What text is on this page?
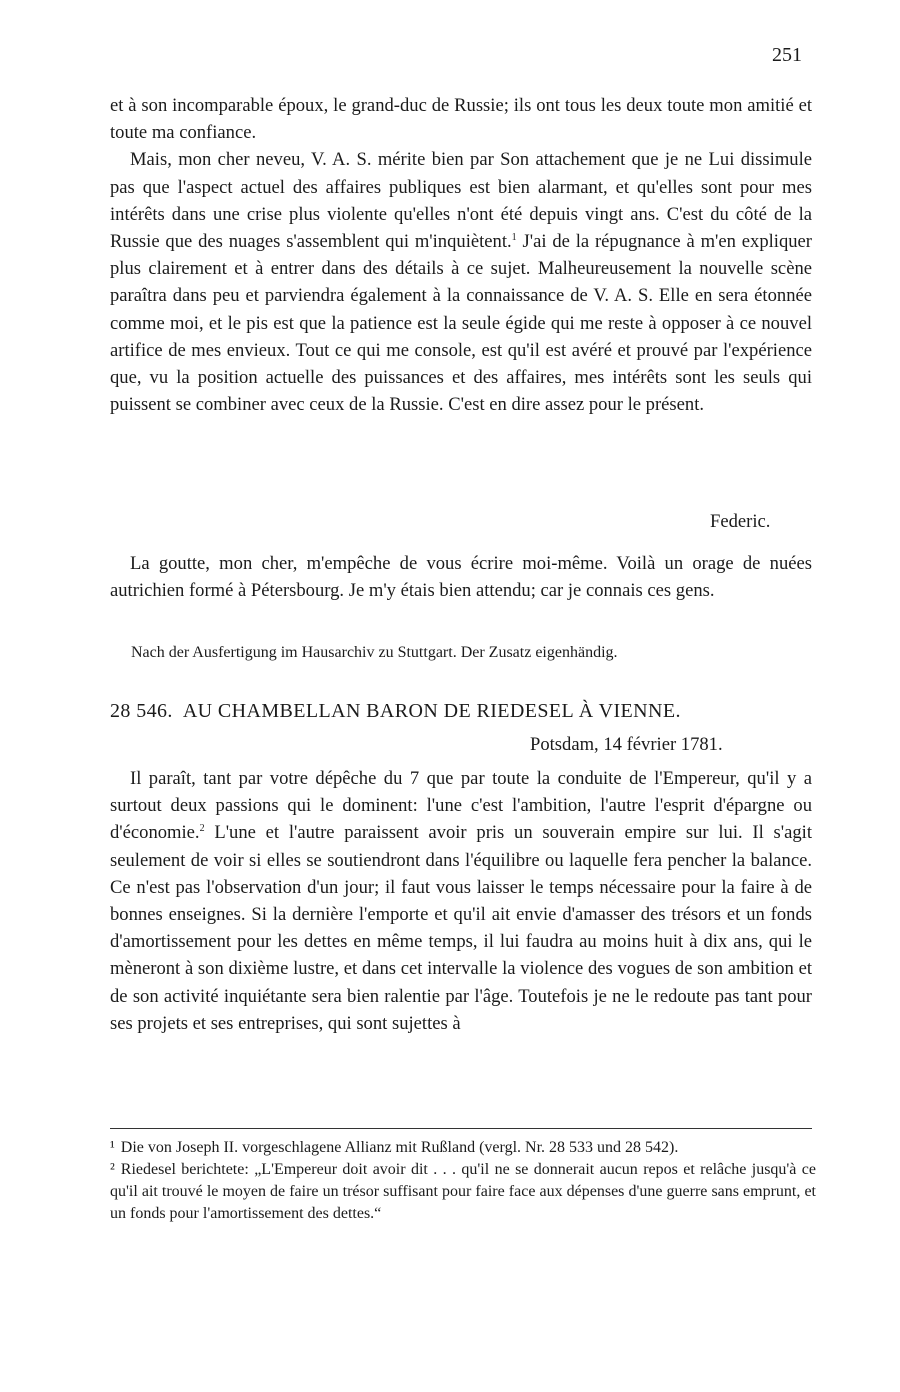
251

et à son incomparable époux, le grand-duc de Russie; ils ont tous les deux toute mon amitié et toute ma confiance.

Mais, mon cher neveu, V. A. S. mérite bien par Son attachement que je ne Lui dissimule pas que l'aspect actuel des affaires publiques est bien alarmant, et qu'elles sont pour mes intérêts dans une crise plus violente qu'elles n'ont été depuis vingt ans. C'est du côté de la Russie que des nuages s'assemblent qui m'inquiètent.$^1$ J'ai de la répugnance à m'en expliquer plus clairement et à entrer dans des détails à ce sujet. Malheureusement la nouvelle scène paraîtra dans peu et parviendra également à la connaissance de V. A. S. Elle en sera étonnée comme moi, et le pis est que la patience est la seule égide qui me reste à opposer à ce nouvel artifice de mes envieux. Tout ce qui me console, est qu'il est avéré et prouvé par l'expérience que, vu la position actuelle des puissances et des affaires, mes intérêts sont les seuls qui puissent se combiner avec ceux de la Russie. C'est en dire assez pour le présent.

Federic.

La goutte, mon cher, m'empêche de vous écrire moi-même. Voilà un orage de nuées autrichien formé à Pétersbourg. Je m'y étais bien attendu; car je connais ces gens.

Nach der Ausfertigung im Hausarchiv zu Stuttgart. Der Zusatz eigenhändig.
28 546. AU CHAMBELLAN BARON DE RIEDESEL À VIENNE.
Potsdam, 14 février 1781.

Il paraît, tant par votre dépêche du 7 que par toute la conduite de l'Empereur, qu'il y a surtout deux passions qui le dominent: l'une c'est l'ambition, l'autre l'esprit d'épargne ou d'économie.$^2$ L'une et l'autre paraissent avoir pris un souverain empire sur lui. Il s'agit seulement de voir si elles se soutiendront dans l'équilibre ou laquelle fera pencher la balance. Ce n'est pas l'observation d'un jour; il faut vous laisser le temps nécessaire pour la faire à de bonnes enseignes. Si la dernière l'emporte et qu'il ait envie d'amasser des trésors et un fonds d'amortissement pour les dettes en même temps, il lui faudra au moins huit à dix ans, qui le mèneront à son dixième lustre, et dans cet intervalle la violence des vogues de son ambition et de son activité inquiétante sera bien ralentie par l'âge. Toutefois je ne le redoute pas tant pour ses projets et ses entreprises, qui sont sujettes à

¹ Die von Joseph II. vorgeschlagene Allianz mit Rußland (vergl. Nr. 28 533 und 28 542).

² Riedesel berichtete: „L'Empereur doit avoir dit . . . qu'il ne se donnerait aucun repos et relâche jusqu'à ce qu'il ait trouvé le moyen de faire un trésor suffisant pour faire face aux dépenses d'une guerre sans emprunt, et un fonds pour l'amortissement des dettes.“
